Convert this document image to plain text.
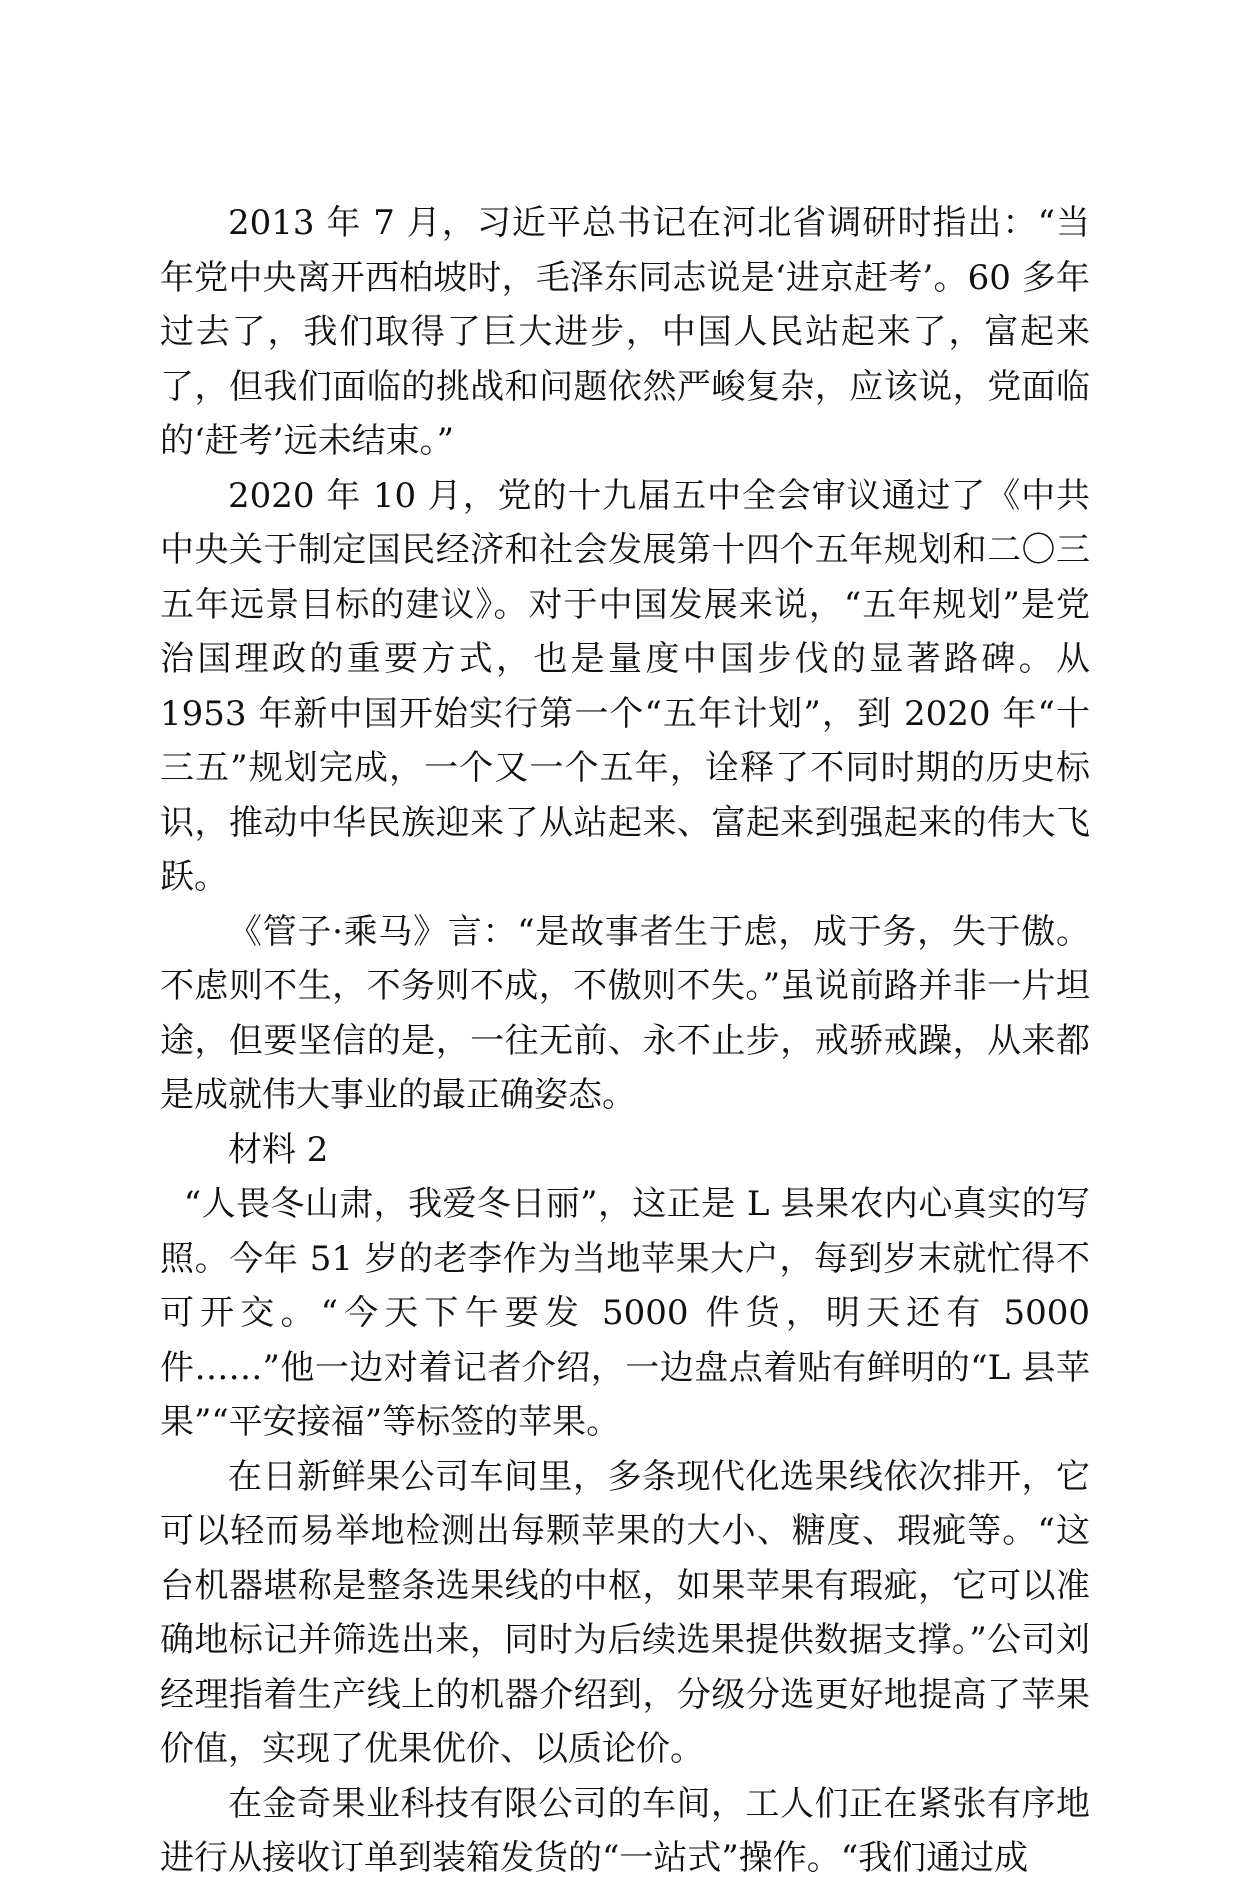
2013 年 7 月，习近平总书记在河北省调研时指出：“当年党中央离开西柏坡时，毛泽东同志说是‘进京赶考’。60 多年过去了，我们取得了巨大进步，中国人民站起来了，富起来了，但我们面临的挑战和问题依然严峻复杂，应该说，党面临的‘赶考’远未结束。”

2020 年 10 月，党的十九届五中全会审议通过了《中共中央关于制定国民经济和社会发展第十四个五年规划和二〇三五年远景目标的建议》。对于中国发展来说，“五年规划”是党治国理政的重要方式，也是量度中国步伐的显著路碑。从 1953 年新中国开始实行第一个“五年计划”，到 2020 年“十三五”规划完成，一个又一个五年，诠释了不同时期的历史标识，推动中华民族迎来了从站起来、富起来到强起来的伟大飞跃。

《管子·乘马》言：“是故事者生于虑，成于务，失于傲。不虑则不生，不务则不成，不傲则不失。”虽说前路并非一片坦途，但要坚信的是，一往无前、永不止步，戒骄戒躁，从来都是成就伟大事业的最正确姿态。

材料 2

“人畏冬山肃，我爱冬日丽”，这正是 L 县果农内心真实的写照。今年 51 岁的老李作为当地苹果大户，每到岁末就忙得不可开交。“今天下午要发 5000 件货，明天还有 5000 件……”他一边对着记者介绍，一边盘点着贴有鲜明的“L 县苹果”“平安接福”等标签的苹果。

在日新鲜果公司车间里，多条现代化选果线依次排开，它可以轻而易举地检测出每颗苹果的大小、糖度、瑕疵等。“这台机器堪称是整条选果线的中枢，如果苹果有瑕疵，它可以准确地标记并筛选出来，同时为后续选果提供数据支撑。”公司刘经理指着生产线上的机器介绍到，分级分选更好地提高了苹果价值，实现了优果优价、以质论价。

在金奇果业科技有限公司的车间，工人们正在紧张有序地进行从接收订单到装箱发货的“一站式”操作。“我们通过成
